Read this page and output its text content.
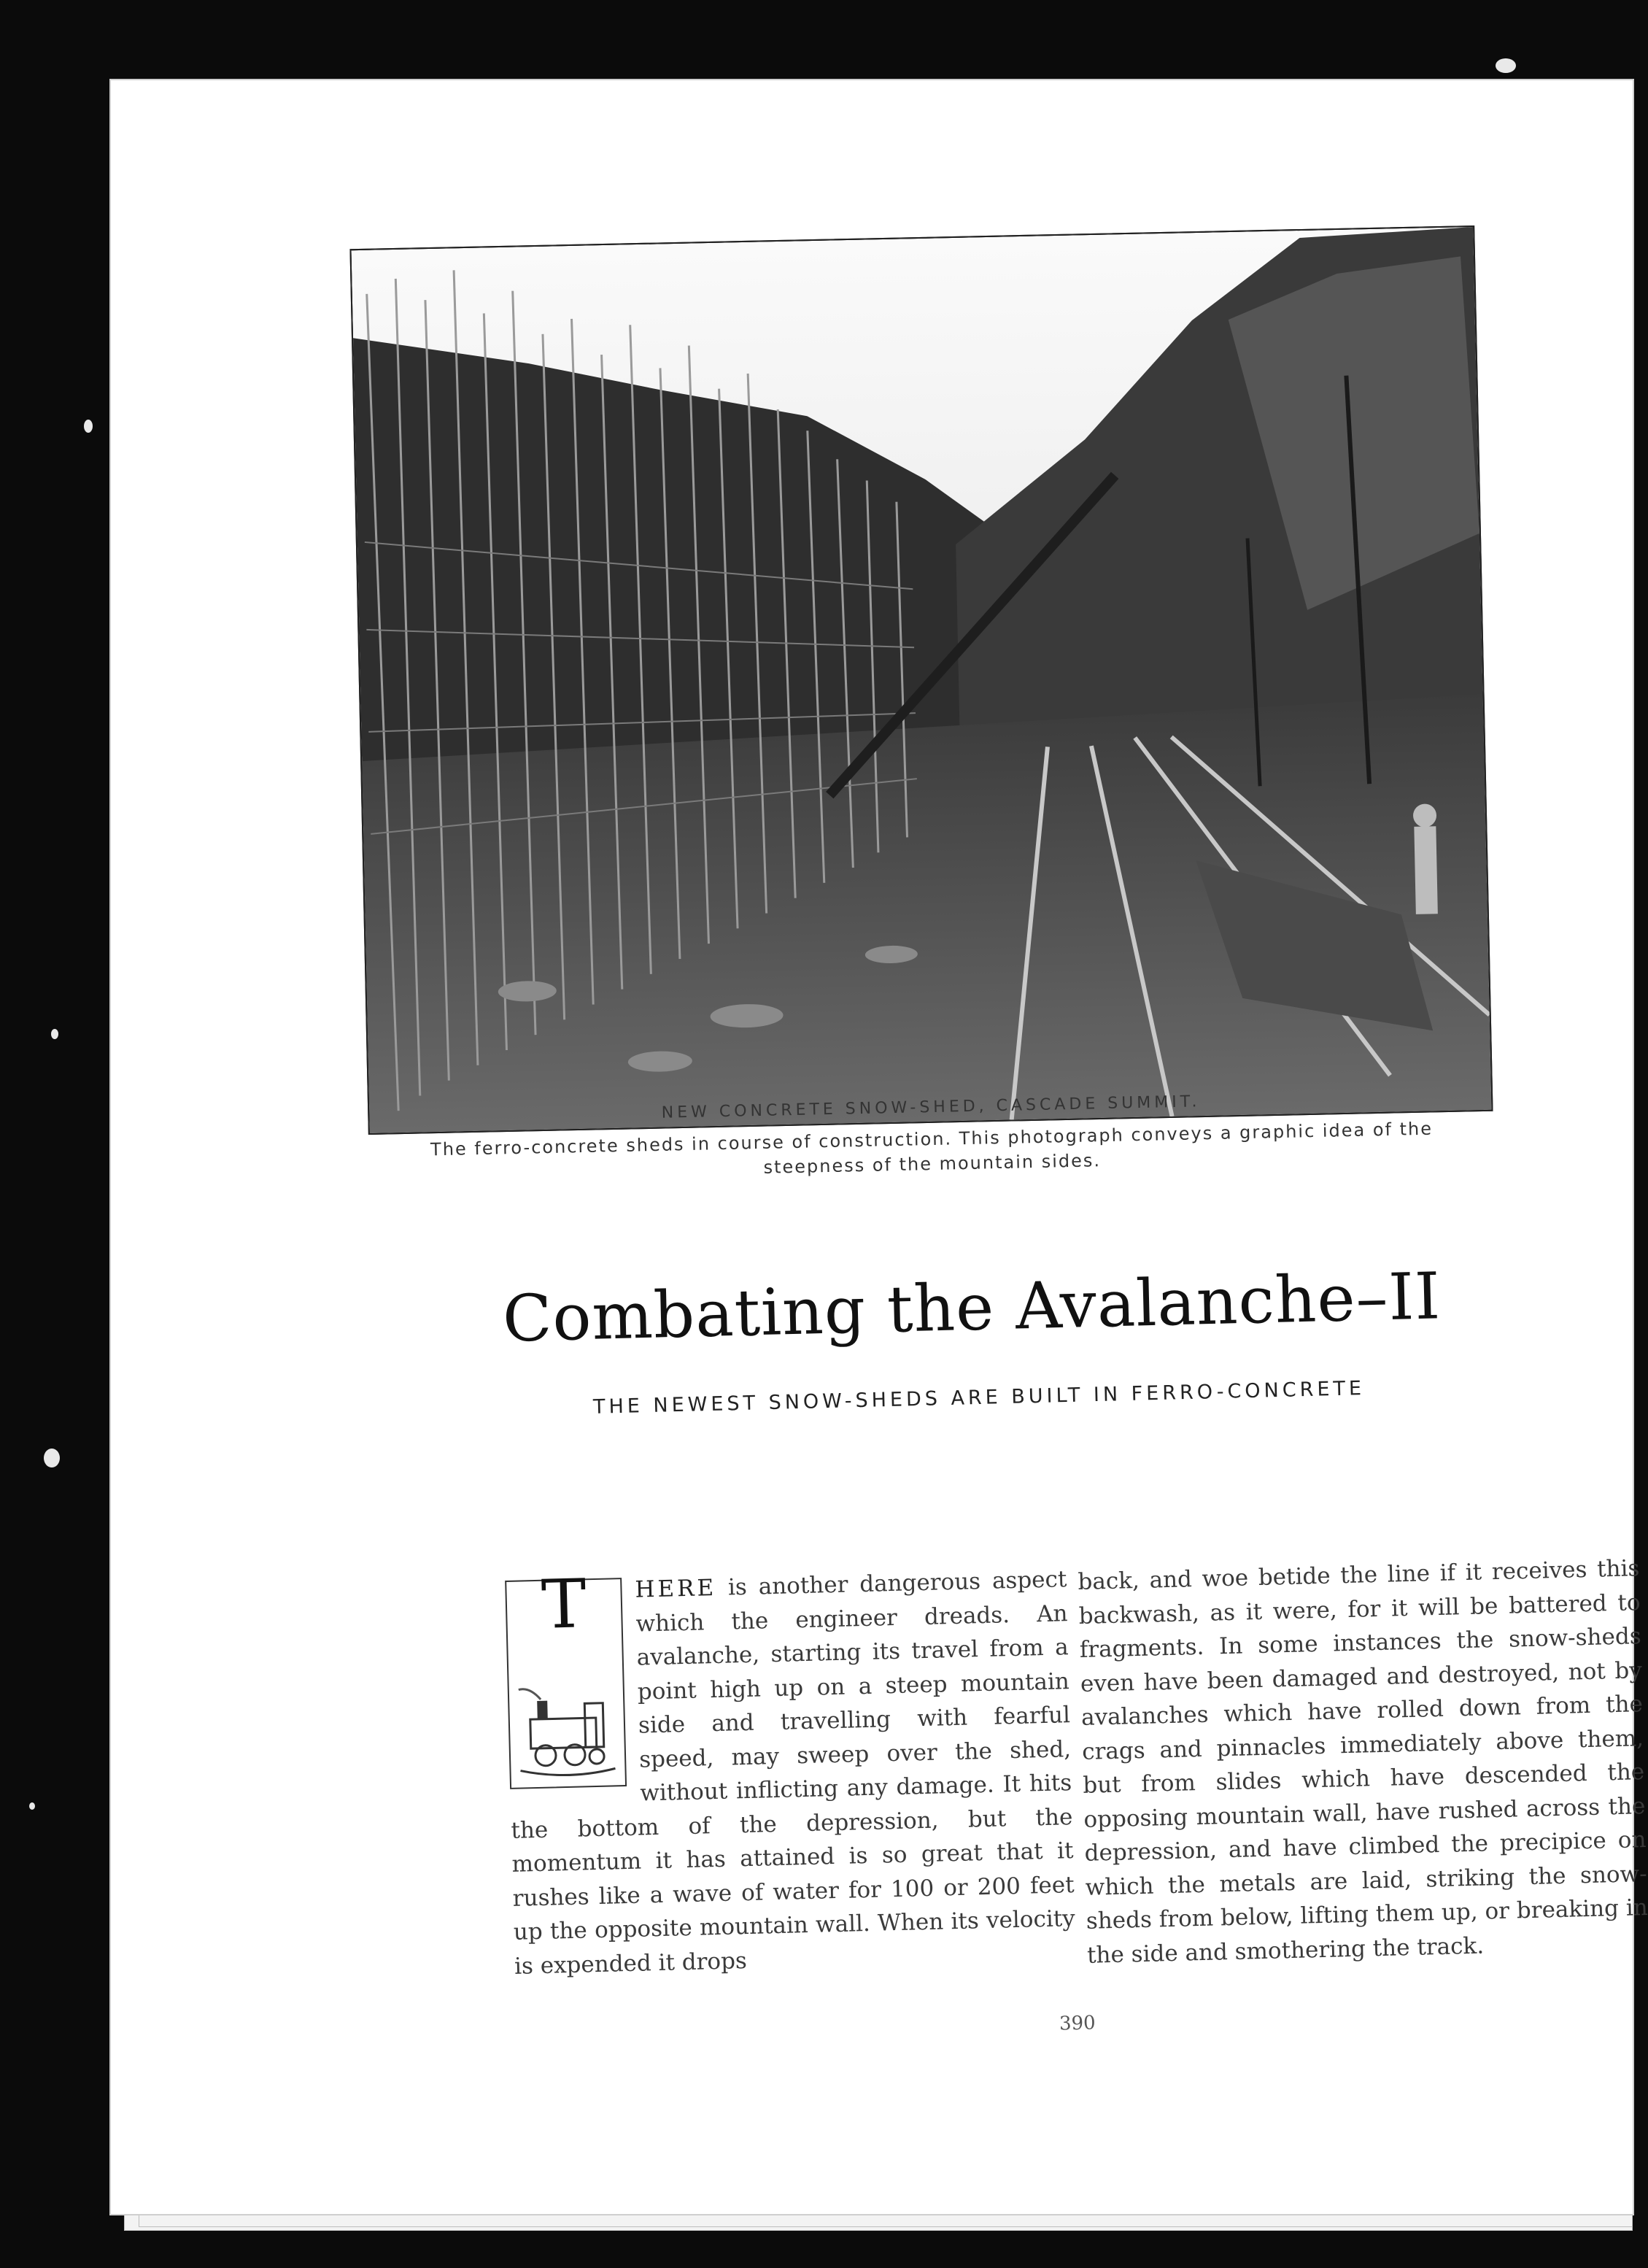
NEW CONCRETE SNOW-SHED, CASCADE SUMMIT.
The ferro-concrete sheds in course of construction. This photograph conveys a graphic idea of the steepness of the mountain sides.
Combating the Avalanche–II
THE NEWEST SNOW-SHEDS ARE BUILT IN FERRO-CONCRETE
T	HERE is another dangerous aspect which the engineer dreads. An avalanche, starting its travel from a point high up on a steep mountain side and travelling with fearful speed, may sweep over the shed, without inflicting any damage. It hits the bottom of the depression, but the momentum it has attained is so great that it rushes like a wave of water for 100 or 200 feet up the opposite mountain wall. When its velocity is expended it drops
back, and woe betide the line if it receives this backwash, as it were, for it will be battered to fragments. In some instances the snow-sheds even have been damaged and destroyed, not by avalanches which have rolled down from the crags and pinnacles immediately above them, but from slides which have descended the opposing mountain wall, have rushed across the depression, and have climbed the precipice on which the metals are laid, striking the snow-sheds from below, lifting them up, or breaking in the side and smothering the track.
390
